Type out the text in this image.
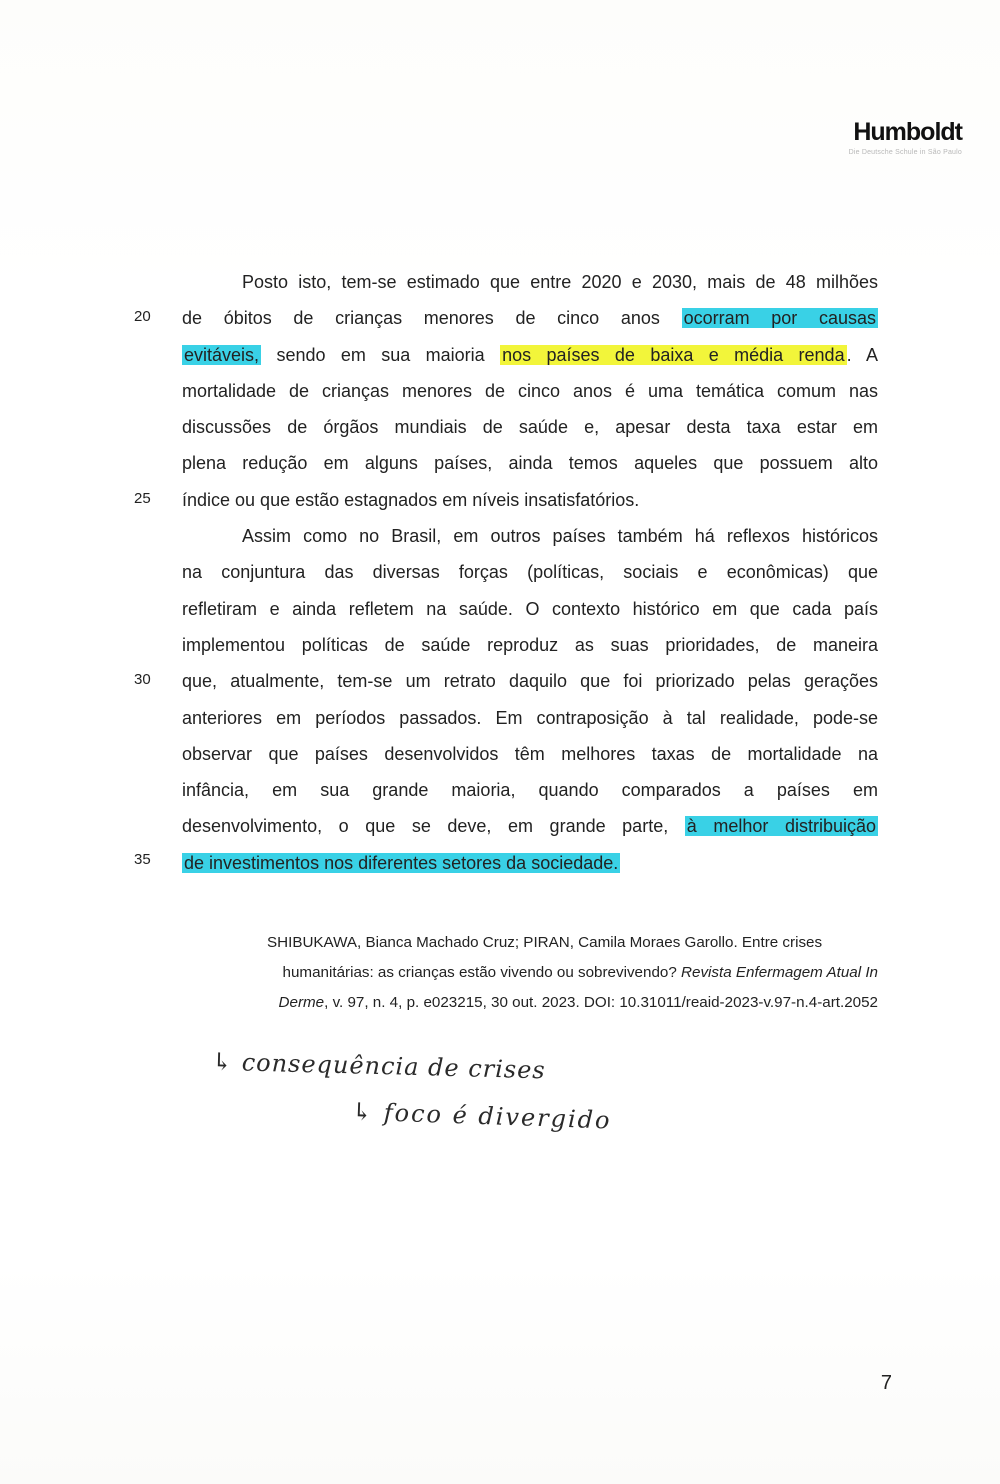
Humboldt
Die Deutsche Schule in São Paulo
20
25
30
35
Posto isto, tem-se estimado que entre 2020 e 2030, mais de 48 milhões
de óbitos de crianças menores de cinco anos ocorram por causas
evitáveis, sendo em sua maioria nos países de baixa e média renda . A
mortalidade de crianças menores de cinco anos é uma temática comum nas
discussões de órgãos mundiais de saúde e, apesar desta taxa estar em
plena redução em alguns países, ainda temos aqueles que possuem alto
índice ou que estão estagnados em níveis insatisfatórios.
Assim como no Brasil, em outros países também há reflexos históricos
na conjuntura das diversas forças (políticas, sociais e econômicas) que
refletiram e ainda refletem na saúde. O contexto histórico em que cada país
implementou políticas de saúde reproduz as suas prioridades, de maneira
que, atualmente, tem-se um retrato daquilo que foi priorizado pelas gerações
anteriores em períodos passados. Em contraposição à tal realidade, pode-se
observar que países desenvolvidos têm melhores taxas de mortalidade na
infância, em sua grande maioria, quando comparados a países em
desenvolvimento, o que se deve, em grande parte, à melhor distribuição
de investimentos nos diferentes setores da sociedade.
SHIBUKAWA, Bianca Machado Cruz; PIRAN, Camila Moraes Garollo. Entre crises
humanitárias: as crianças estão vivendo ou sobrevivendo? Revista Enfermagem Atual In
Derme, v. 97, n. 4, p. e023215, 30 out. 2023. DOI: 10.31011/reaid-2023-v.97-n.4-art.2052
↳ consequência de crises
↳ foco é divergido
7
